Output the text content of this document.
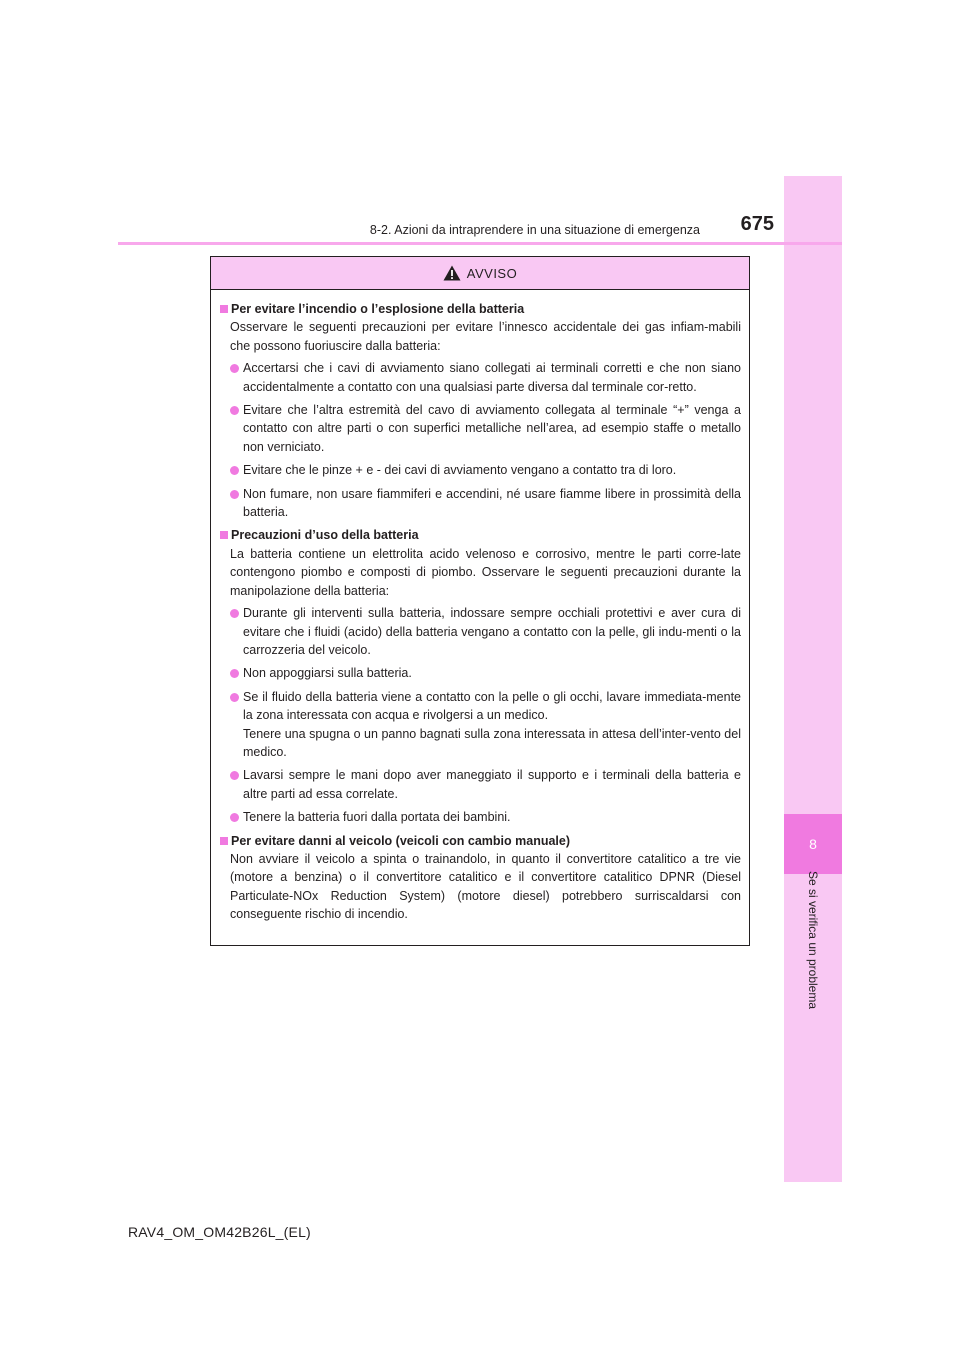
8
Se si verifica un problema
675
8-2. Azioni da intraprendere in una situazione di emergenza
AVVISO
Per evitare l’incendio o l’esplosione della batteria
Osservare le seguenti precauzioni per evitare l’innesco accidentale dei gas infiam-mabili che possono fuoriuscire dalla batteria:
Accertarsi che i cavi di avviamento siano collegati ai terminali corretti e che non siano accidentalmente a contatto con una qualsiasi parte diversa dal terminale cor-retto.
Evitare che l’altra estremità del cavo di avviamento collegata al terminale “+” venga a contatto con altre parti o con superfici metalliche nell’area, ad esempio staffe o metallo non verniciato.
Evitare che le pinze + e - dei cavi di avviamento vengano a contatto tra di loro.
Non fumare, non usare fiammiferi e accendini, né usare fiamme libere in prossimità della batteria.
Precauzioni d’uso della batteria
La batteria contiene un elettrolita acido velenoso e corrosivo, mentre le parti corre-late contengono piombo e composti di piombo. Osservare le seguenti precauzioni durante la manipolazione della batteria:
Durante gli interventi sulla batteria, indossare sempre occhiali protettivi e aver cura di evitare che i fluidi (acido) della batteria vengano a contatto con la pelle, gli indu-menti o la carrozzeria del veicolo.
Non appoggiarsi sulla batteria.
Se il fluido della batteria viene a contatto con la pelle o gli occhi, lavare immediata-mente la zona interessata con acqua e rivolgersi a un medico.
Tenere una spugna o un panno bagnati sulla zona interessata in attesa dell’inter-vento del medico.
Lavarsi sempre le mani dopo aver maneggiato il supporto e i terminali della batteria e altre parti ad essa correlate.
Tenere la batteria fuori dalla portata dei bambini.
Per evitare danni al veicolo (veicoli con cambio manuale)
Non avviare il veicolo a spinta o trainandolo, in quanto il convertitore catalitico a tre vie (motore a benzina) o il convertitore catalitico e il convertitore catalitico DPNR (Diesel Particulate-NOx Reduction System) (motore diesel) potrebbero surriscaldarsi con conseguente rischio di incendio.
RAV4_OM_OM42B26L_(EL)
